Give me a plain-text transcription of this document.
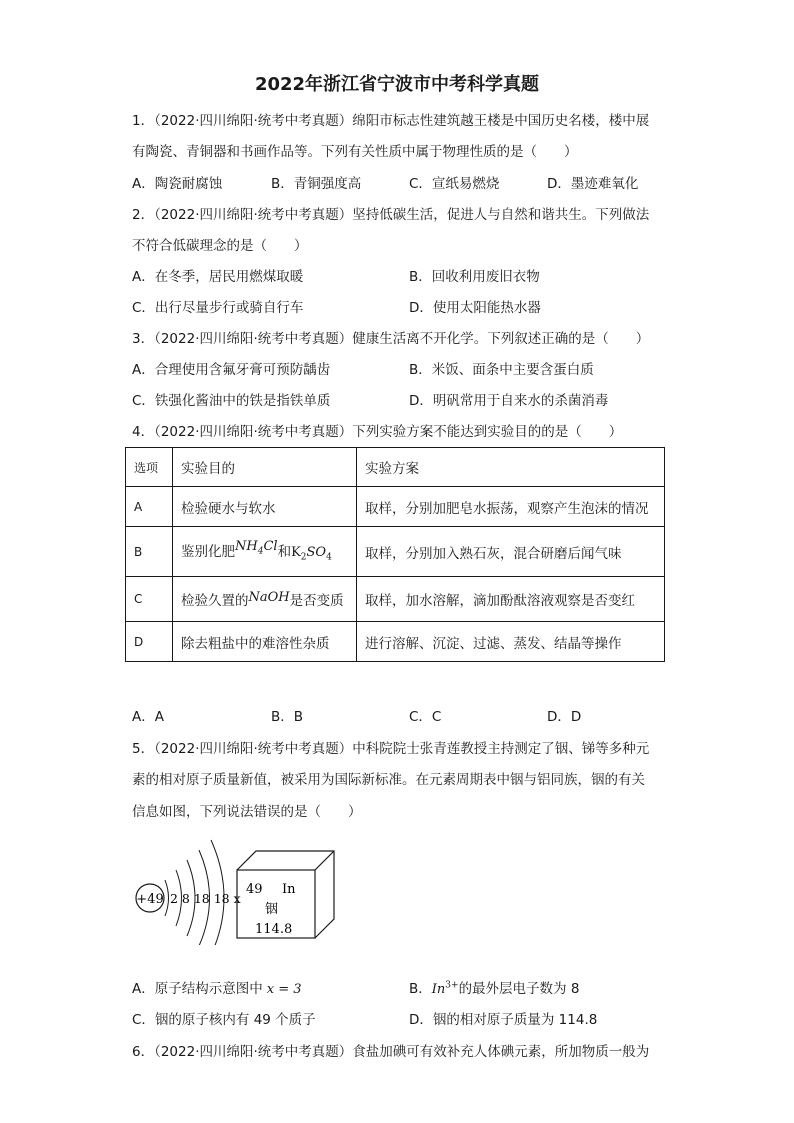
2022年浙江省宁波市中考科学真题
1．（2022·四川绵阳·统考中考真题）绵阳市标志性建筑越王楼是中国历史名楼，楼中展
有陶瓷、青铜器和书画作品等。下列有关性质中属于物理性质的是（　　）
A．陶瓷耐腐蚀	B．青铜强度高	C．宣纸易燃烧	D．墨迹难氧化
2．（2022·四川绵阳·统考中考真题）坚持低碳生活，促进人与自然和谐共生。下列做法
不符合低碳理念的是（　　）
A．在冬季，居民用燃煤取暖	B．回收利用废旧衣物
C．出行尽量步行或骑自行车	D．使用太阳能热水器
3．（2022·四川绵阳·统考中考真题）健康生活离不开化学。下列叙述正确的是（　　）
A．合理使用含氟牙膏可预防龋齿	B．米饭、面条中主要含蛋白质
C．铁强化酱油中的铁是指铁单质	D．明矾常用于自来水的杀菌消毒
4．（2022·四川绵阳·统考中考真题）下列实验方案不能达到实验目的的是（　　）
选项	实验目的	实验方案
A	检验硬水与软水	取样，分别加肥皂水振荡，观察产生泡沫的情况
B	鉴别化肥$NH_4Cl$和$K_2SO_4$	取样，分别加入熟石灰，混合研磨后闻气味
C	检验久置的NaOH是否变质	取样，加水溶解，滴加酚酞溶液观察是否变红
D	除去粗盐中的难溶性杂质	进行溶解、沉淀、过滤、蒸发、结晶等操作
A．A	B．B	C．C	D．D
5．（2022·四川绵阳·统考中考真题）中科院院士张青莲教授主持测定了铟、锑等多种元
素的相对原子质量新值，被采用为国际新标准。在元素周期表中铟与铝同族，铟的有关
信息如图，下列说法错误的是（　　）
+49 2 8 18 18 x
49 In
铟
114.8
A．原子结构示意图中 x = 3	B．$In^{3+}$的最外层电子数为 8
C．铟的原子核内有 49 个质子	D．铟的相对原子质量为 114.8
6．（2022·四川绵阳·统考中考真题）食盐加碘可有效补充人体碘元素，所加物质一般为
